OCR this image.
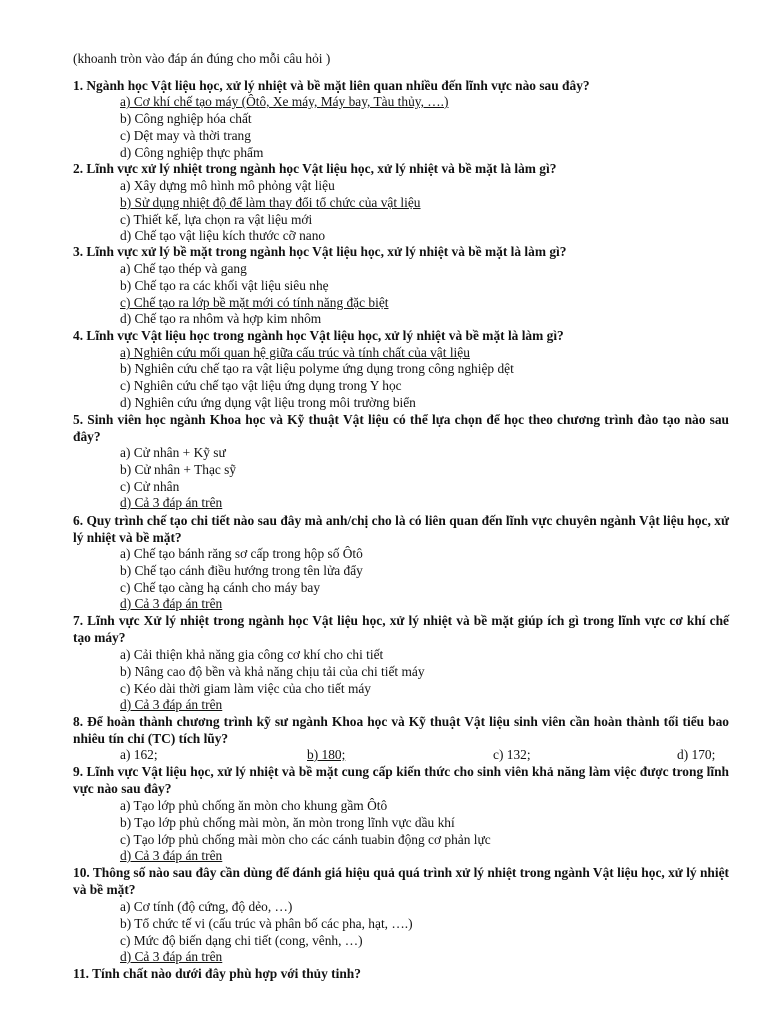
(khoanh tròn vào đáp án đúng cho mỗi câu hỏi )
1. Ngành học Vật liệu học, xử lý nhiệt và bề mặt liên quan nhiều đến lĩnh vực nào sau đây?
a) Cơ khí chế tạo máy (Ôtô, Xe máy, Máy bay, Tàu thủy, ….)
b) Công nghiệp hóa chất
c) Dệt may và thời trang
d) Công nghiệp thực phẩm
2. Lĩnh vực xử lý nhiệt trong ngành học Vật liệu học, xử lý nhiệt và bề mặt là làm gì?
a) Xây dựng mô hình mô phỏng vật liệu
b) Sử dụng nhiệt độ để làm thay đổi tổ chức của vật liệu
c) Thiết kế, lựa chọn ra vật liệu mới
d) Chế tạo vật liệu kích thước cỡ nano
3. Lĩnh vực xử lý bề mặt trong ngành học Vật liệu học, xử lý nhiệt và bề mặt là làm gì?
a) Chế tạo thép và gang
b) Chế tạo ra các khối vật liệu siêu nhẹ
c) Chế tạo ra lớp bề mặt mới có tính năng đặc biệt
d) Chế tạo ra nhôm và hợp kim nhôm
4. Lĩnh vực Vật liệu học trong ngành học Vật liệu học, xử lý nhiệt và bề mặt là làm gì?
a) Nghiên cứu mối quan hệ giữa cấu trúc và tính chất của vật liệu
b) Nghiên cứu chế tạo ra vật liệu polyme ứng dụng trong công nghiệp dệt
c) Nghiên cứu chế tạo vật liệu ứng dụng trong Y học
d) Nghiên cứu ứng dụng vật liệu trong môi trường biển
5. Sinh viên học ngành Khoa học và Kỹ thuật Vật liệu có thể lựa chọn để học theo chương trình đào tạo nào sau đây?
a) Cử nhân + Kỹ sư
b) Cử nhân + Thạc sỹ
c) Cử nhân
d) Cả 3 đáp án trên
6. Quy trình chế tạo chi tiết nào sau đây mà anh/chị cho là có liên quan đến lĩnh vực chuyên ngành Vật liệu học, xử lý nhiệt và bề mặt?
a) Chế tạo bánh răng sơ cấp trong hộp số Ôtô
b) Chế tạo cánh điều hướng trong tên lửa đẩy
c) Chế tạo càng hạ cánh cho máy bay
d) Cả 3 đáp án trên
7. Lĩnh vực Xử lý nhiệt trong ngành học Vật liệu học, xử lý nhiệt và bề mặt giúp ích gì trong lĩnh vực cơ khí chế tạo máy?
a) Cải thiện khả năng gia công cơ khí cho chi tiết
b) Nâng cao độ bền và khả năng chịu tải của chi tiết máy
c) Kéo dài thời giam làm việc của cho tiết máy
d) Cả 3 đáp án trên
8. Để hoàn thành chương trình kỹ sư ngành Khoa học và Kỹ thuật Vật liệu sinh viên cần hoàn thành tối tiểu bao nhiêu tín chỉ (TC) tích lũy?
a) 162;	b) 180;	c) 132;	d) 170;
9. Lĩnh vực Vật liệu học, xử lý nhiệt và bề mặt cung cấp kiến thức cho sinh viên khả năng làm việc được trong lĩnh vực nào sau đây?
a) Tạo lớp phủ chống ăn mòn cho khung gầm Ôtô
b) Tạo lớp phủ chống mài mòn, ăn mòn trong lĩnh vực dầu khí
c) Tạo lớp phủ chống mài mòn cho các cánh tuabin động cơ phản lực
d) Cả 3 đáp án trên
10. Thông số nào sau đây cần dùng để đánh giá hiệu quả quá trình xử lý nhiệt trong ngành Vật liệu học, xử lý nhiệt và bề mặt?
a) Cơ tính (độ cứng, độ dẻo, …)
b) Tổ chức tế vi (cấu trúc và phân bố các pha, hạt, ….)
c) Mức độ biến dạng chi tiết (cong, vênh, …)
d) Cả 3 đáp án trên
11. Tính chất nào dưới đây phù hợp với thủy tinh?
